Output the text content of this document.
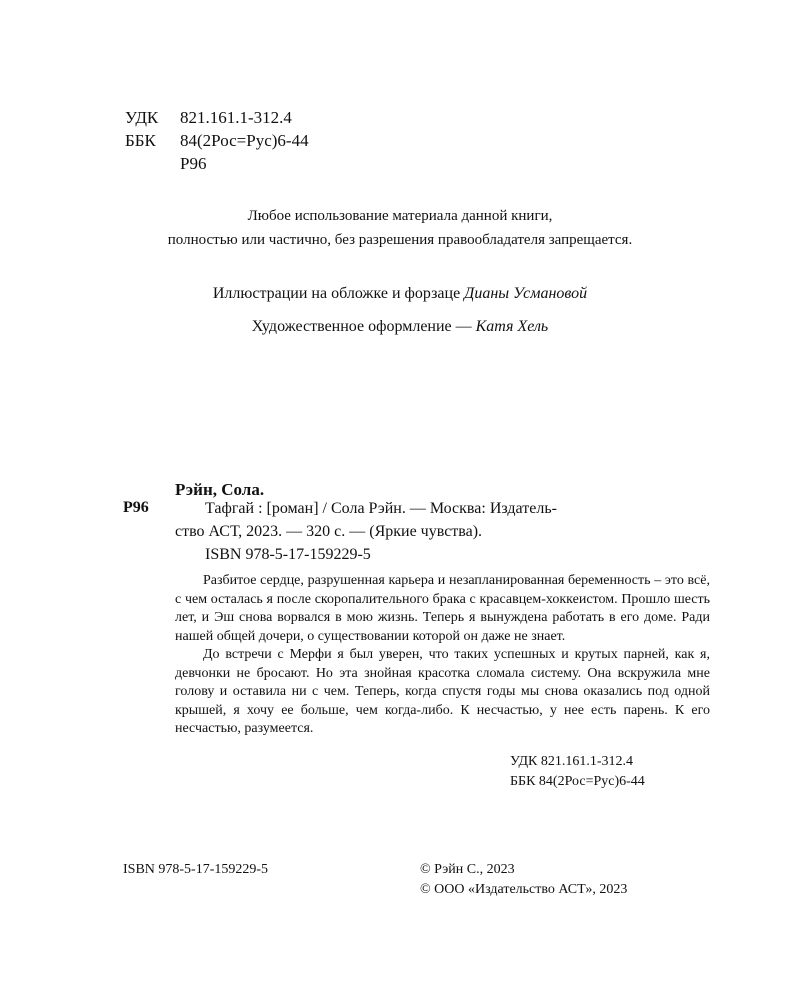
УДК 821.161.1-312.4
ББК 84(2Рос=Рус)6-44
Р96
Любое использование материала данной книги,
полностью или частично, без разрешения правообладателя запрещается.
Иллюстрации на обложке и форзаце Дианы Усмановой
Художественное оформление — Катя Хель
Рэйн, Сола.
Р96	Тафгай : [роман] / Сола Рэйн. — Москва: Издатель-
ство АСТ, 2023. — 320 с. — (Яркие чувства).
ISBN 978-5-17-159229-5

Разбитое сердце, разрушенная карьера и незапланированная беременность – это всё, с чем осталась я после скоропалительного брака с красавцем-хоккеистом. Прошло шесть лет, и Эш снова ворвался в мою жизнь. Теперь я вынуждена работать в его доме. Ради нашей общей дочери, о существовании которой он даже не знает.

До встречи с Мерфи я был уверен, что таких успешных и крутых парней, как я, девчонки не бросают. Но эта знойная красотка сломала систему. Она вскружила мне голову и оставила ни с чем. Теперь, когда спустя годы мы снова оказались под одной крышей, я хочу ее больше, чем когда-либо. К несчастью, у нее есть парень. К его несчастью, разумеется.

УДК 821.161.1-312.4
ББК 84(2Рос=Рус)6-44
ISBN 978-5-17-159229-5	© Рэйн С., 2023
© ООО «Издательство АСТ», 2023
